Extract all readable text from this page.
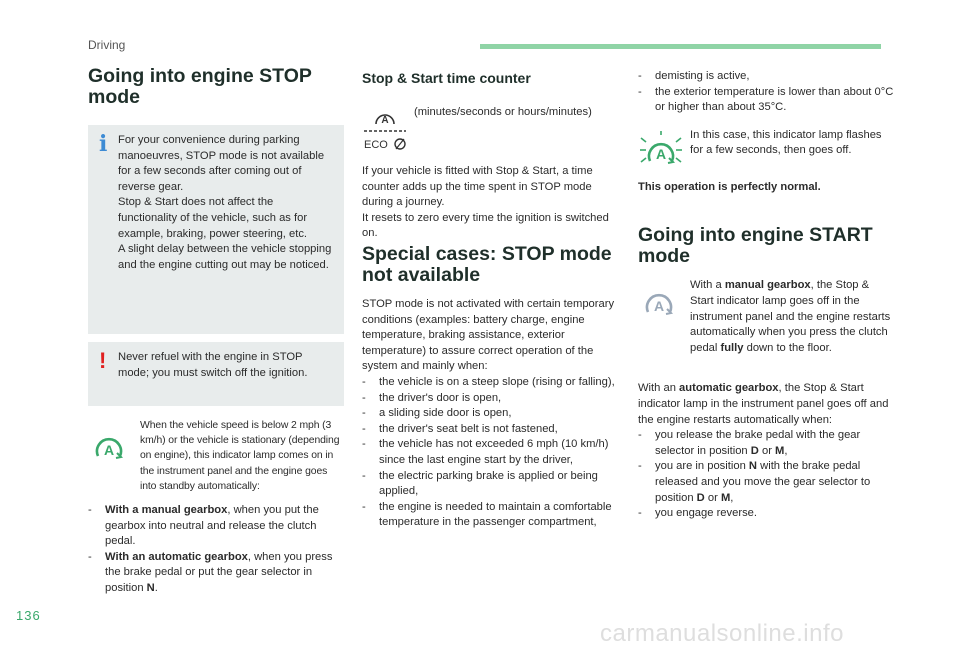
Driving
Going into engine STOP mode
i For your convenience during parking manoeuvres, STOP mode is not available for a few seconds after coming out of reverse gear.
Stop & Start does not affect the functionality of the vehicle, such as for example, braking, power steering, etc.
A slight delay between the vehicle stopping and the engine cutting out may be noticed.
! Never refuel with the engine in STOP mode; you must switch off the ignition.
A
When the vehicle speed is below 2 mph (3 km/h) or the vehicle is stationary (depending on engine), this indicator lamp comes on in the instrument panel and the engine goes into standby automatically:
- With a manual gearbox, when you put the gearbox into neutral and release the clutch pedal.
- With an automatic gearbox, when you press the brake pedal or put the gear selector in position N.
Stop & Start time counter
A
ECO
(minutes/seconds or hours/minutes)
If your vehicle is fitted with Stop & Start, a time counter adds up the time spent in STOP mode during a journey.
It resets to zero every time the ignition is switched on.
Special cases: STOP mode not available
STOP mode is not activated with certain temporary conditions (examples: battery charge, engine temperature, braking assistance, exterior temperature) to assure correct operation of the system and mainly when:
- the vehicle is on a steep slope (rising or falling),
- the driver's door is open,
- a sliding side door is open,
- the driver's seat belt is not fastened,
- the vehicle has not exceeded 6 mph (10 km/h) since the last engine start by the driver,
- the electric parking brake is applied or being applied,
- the engine is needed to maintain a comfortable temperature in the passenger compartment,
- demisting is active,
- the exterior temperature is lower than about 0°C or higher than about 35°C.
A
In this case, this indicator lamp flashes for a few seconds, then goes off.
This operation is perfectly normal.
Going into engine START mode
A
With a manual gearbox, the Stop & Start indicator lamp goes off in the instrument panel and the engine restarts automatically when you press the clutch pedal fully down to the floor.
With an automatic gearbox, the Stop & Start indicator lamp in the instrument panel goes off and the engine restarts automatically when:
- you release the brake pedal with the gear selector in position D or M,
- you are in position N with the brake pedal released and you move the gear selector to position D or M,
- you engage reverse.
136
carmanualsonline.info
